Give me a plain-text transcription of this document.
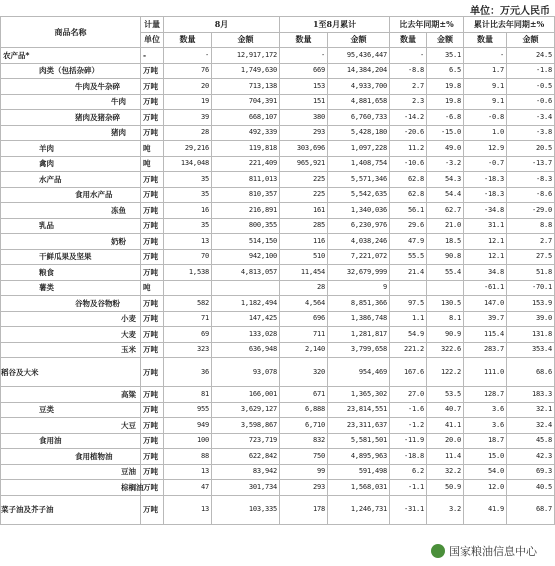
单位：万元人民币
商品名称	计量	8月		1至8月累计		比去年同期±%		累计比去年同期±%	
	单位	数量	金额	数量	金额	数量	金额	数量	金额
农产品*	-	-	12,917,172	-	95,436,447	-	35.1	-	24.5
肉类（包括杂碎）	万吨	76	1,749,630	669	14,384,204	-8.8	6.5	1.7	-1.8
牛肉及牛杂碎	万吨	20	713,138	153	4,933,700	2.7	19.8	9.1	-0.5
牛肉	万吨	19	704,391	151	4,881,658	2.3	19.8	9.1	-0.6
猪肉及猪杂碎	万吨	39	668,107	380	6,760,733	-14.2	-6.8	-0.8	-3.4
猪肉	万吨	28	492,339	293	5,428,180	-20.6	-15.0	1.0	-3.8
羊肉	吨	29,216	119,818	303,696	1,097,228	11.2	49.0	12.9	20.5
禽肉	吨	134,048	221,409	965,921	1,408,754	-10.6	-3.2	-0.7	-13.7
水产品	万吨	35	811,013	225	5,571,346	62.8	54.3	-18.3	-8.3
食用水产品	万吨	35	810,357	225	5,542,635	62.8	54.4	-18.3	-8.6
冻鱼	万吨	16	216,891	161	1,340,036	56.1	62.7	-34.8	-29.0
乳品	万吨	35	800,355	285	6,230,976	29.6	21.0	31.1	8.8
奶粉	万吨	13	514,150	116	4,038,246	47.9	18.5	12.1	2.7
干鲜瓜果及坚果	万吨	70	942,100	510	7,221,072	55.5	90.8	12.1	27.5
粮食	万吨	1,538	4,813,057	11,454	32,679,999	21.4	55.4	34.8	51.8
薯类	吨			28	9			-61.1	-70.1
谷物及谷物粉	万吨	582	1,182,494	4,564	8,851,366	97.5	130.5	147.0	153.9
小麦	万吨	71	147,425	696	1,386,748	1.1	8.1	39.7	39.0
大麦	万吨	69	133,028	711	1,281,817	54.9	90.9	115.4	131.8
玉米	万吨	323	636,948	2,140	3,799,658	221.2	322.6	283.7	353.4
稻谷及大米	万吨	36	93,078	320	954,469	167.6	122.2	111.0	68.6
高粱	万吨	81	166,001	671	1,365,302	27.0	53.5	128.7	183.3
豆类	万吨	955	3,629,127	6,888	23,814,551	-1.6	40.7	3.6	32.1
大豆	万吨	949	3,598,867	6,710	23,311,637	-1.2	41.1	3.6	32.4
食用油	万吨	100	723,719	832	5,581,501	-11.9	20.0	18.7	45.8
食用植物油	万吨	88	622,842	750	4,895,963	-18.8	11.4	15.0	42.3
豆油	万吨	13	83,942	99	591,498	6.2	32.2	54.0	69.3
棕榈油	万吨	47	301,734	293	1,568,031	-1.1	50.9	12.0	40.5
菜子油及芥子油	万吨	13	103,335	178	1,246,731	-31.1	3.2	41.9	68.7
国家粮油信息中心
